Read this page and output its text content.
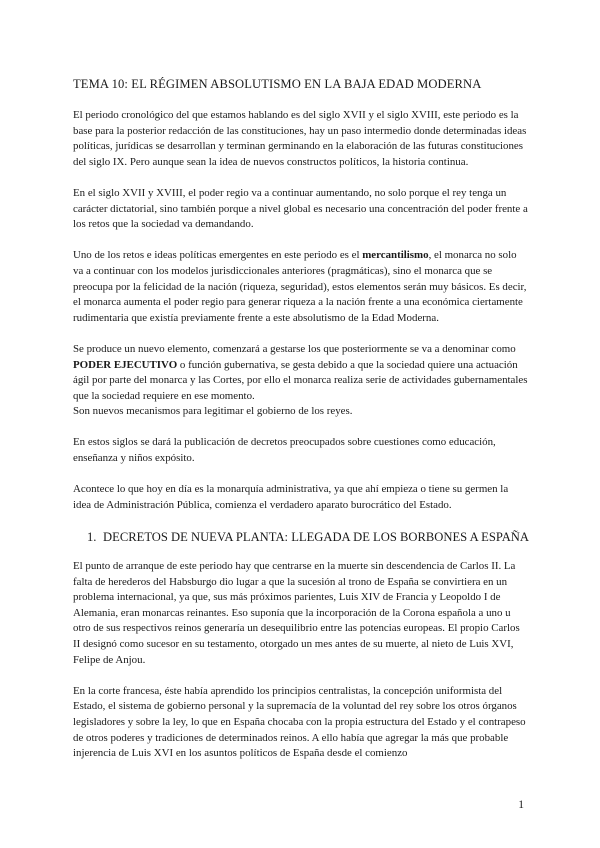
TEMA 10: EL RÉGIMEN ABSOLUTISMO EN LA BAJA EDAD MODERNA

El periodo cronológico del que estamos hablando es del siglo XVII y el siglo XVIII, este periodo es la base para la posterior redacción de las constituciones, hay un paso intermedio donde determinadas ideas políticas, jurídicas se desarrollan y terminan germinando en la elaboración de las futuras constituciones del siglo IX. Pero aunque sean la idea de nuevos constructos políticos, la historia continua.

En el siglo XVII y XVIII, el poder regio va a continuar aumentando, no solo porque el rey tenga un carácter dictatorial, sino también porque a nivel global es necesario una concentración del poder frente a los retos que la sociedad va demandando.

Uno de los retos e ideas políticas emergentes en este periodo es el mercantilismo, el monarca no solo va a continuar con los modelos jurisdiccionales anteriores (pragmáticas), sino el monarca que se preocupa por la felicidad de la nación (riqueza, seguridad), estos elementos serán muy básicos. Es decir, el monarca aumenta el poder regio para generar riqueza a la nación frente a una económica ciertamente rudimentaria que existía previamente frente a este absolutismo de la Edad Moderna.

Se produce un nuevo elemento, comenzará a gestarse los que posteriormente se va a denominar como PODER EJECUTIVO o función gubernativa, se gesta debido a que la sociedad quiere una actuación ágil por parte del monarca y las Cortes, por ello el monarca realiza serie de actividades gubernamentales que la sociedad requiere en ese momento.

Son nuevos mecanismos para legitimar el gobierno de los reyes.

En estos siglos se dará la publicación de decretos preocupados sobre cuestiones como educación, enseñanza y niños expósito.

Acontece lo que hoy en día es la monarquía administrativa, ya que ahí empieza o tiene su germen la idea de Administración Pública, comienza el verdadero aparato burocrático del Estado.

1. DECRETOS DE NUEVA PLANTA: LLEGADA DE LOS BORBONES A ESPAÑA

El punto de arranque de este periodo hay que centrarse en la muerte sin descendencia de Carlos II. La falta de herederos del Habsburgo dio lugar a que la sucesión al trono de España se convirtiera en un problema internacional, ya que, sus más próximos parientes, Luis XIV de Francia y Leopoldo I de Alemania, eran monarcas reinantes. Eso suponía que la incorporación de la Corona española a uno u otro de sus respectivos reinos generaría un desequilibrio entre las potencias europeas. El propio Carlos II designó como sucesor en su testamento, otorgado un mes antes de su muerte, al nieto de Luis XVI, Felipe de Anjou.

En la corte francesa, éste había aprendido los principios centralistas, la concepción uniformista del Estado, el sistema de gobierno personal y la supremacía de la voluntad del rey sobre los otros órganos legisladores y sobre la ley, lo que en España chocaba con la propia estructura del Estado y el contrapeso de otros poderes y tradiciones de determinados reinos. A ello había que agregar la más que probable injerencia de Luis XVI en los asuntos políticos de España desde el comienzo

1
